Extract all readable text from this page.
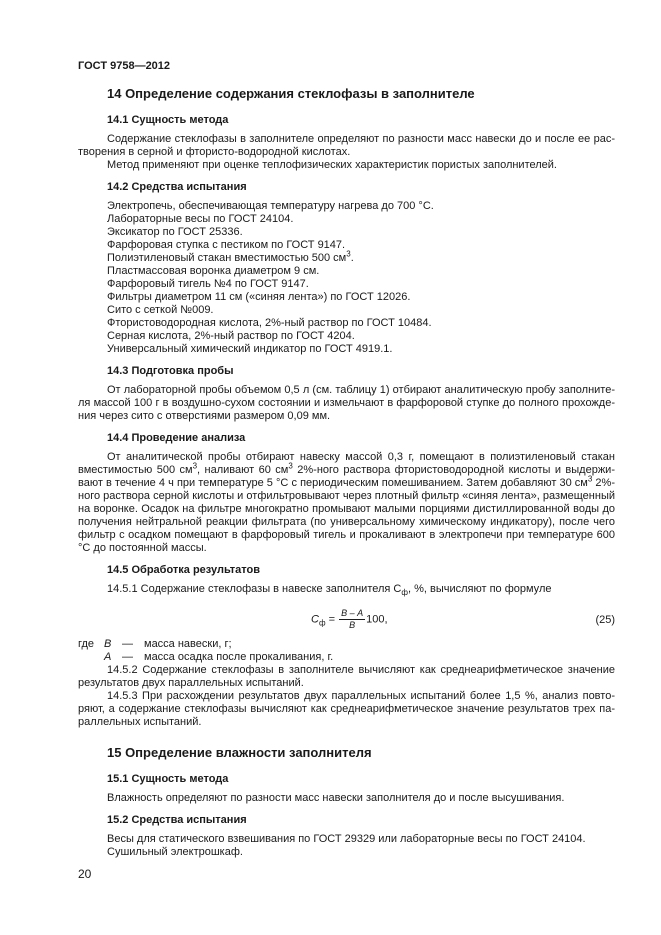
ГОСТ 9758—2012
14 Определение содержания стеклофазы в заполнителе
14.1 Сущность метода
Содержание стеклофазы в заполнителе определяют по разности масс навески до и после ее растворения в серной и фтористо-водородной кислотах.
Метод применяют при оценке теплофизических характеристик пористых заполнителей.
14.2 Средства испытания
Электропечь, обеспечивающая температуру нагрева до 700 °С.
Лабораторные весы по ГОСТ 24104.
Эксикатор по ГОСТ 25336.
Фарфоровая ступка с пестиком по ГОСТ 9147.
Полиэтиленовый стакан вместимостью 500 $см^3$.
Пластмассовая воронка диаметром 9 см.
Фарфоровый тигель №4 по ГОСТ 9147.
Фильтры диаметром 11 см («синяя лента») по ГОСТ 12026.
Сито с сеткой №009.
Фтористоводородная кислота, 2%-ный раствор по ГОСТ 10484.
Серная кислота, 2%-ный раствор по ГОСТ 4204.
Универсальный химический индикатор по ГОСТ 4919.1.
14.3 Подготовка пробы
От лабораторной пробы объемом 0,5 л (см. таблицу 1) отбирают аналитическую пробу заполнителя массой 100 г в воздушно-сухом состоянии и измельчают в фарфоровой ступке до полного прохождения через сито с отверстиями размером 0,09 мм.
14.4 Проведение анализа
От аналитической пробы отбирают навеску массой 0,3 г, помещают в полиэтиленовый стакан вместимостью 500 $см^3$, наливают 60 $см^3$ 2%-ного раствора фтористоводородной кислоты и выдерживают в течение 4 ч при температуре 5 °С с периодическим помешиванием. Затем добавляют 30 $см^3$ 2%-ного раствора серной кислоты и отфильтровывают через плотный фильтр «синяя лента», размещенный на воронке. Осадок на фильтре многократно промывают малыми порциями дистиллированной воды до получения нейтральной реакции фильтрата (по универсальному химическому индикатору), после чего фильтр с осадком помещают в фарфоровый тигель и прокаливают в электропечи при температуре 600 °С до постоянной массы.
14.5 Обработка результатов
14.5.1 Содержание стеклофазы в навеске заполнителя $С_ф$, %, вычисляют по формуле
$С_ф = \frac{В - А}{В} 100$,	(25)
где В —	масса навески, г;
А —	масса осадка после прокаливания, г.
14.5.2 Содержание стеклофазы в заполнителе вычисляют как среднеарифметическое значение результатов двух параллельных испытаний.
14.5.3 При расхождении результатов двух параллельных испытаний более 1,5 %, анализ повторяют, а содержание стеклофазы вычисляют как среднеарифметическое значение результатов трех параллельных испытаний.
15 Определение влажности заполнителя
15.1 Сущность метода
Влажность определяют по разности масс навески заполнителя до и после высушивания.
15.2 Средства испытания
Весы для статического взвешивания по ГОСТ 29329 или лабораторные весы по ГОСТ 24104.
Сушильный электрошкаф.
20
